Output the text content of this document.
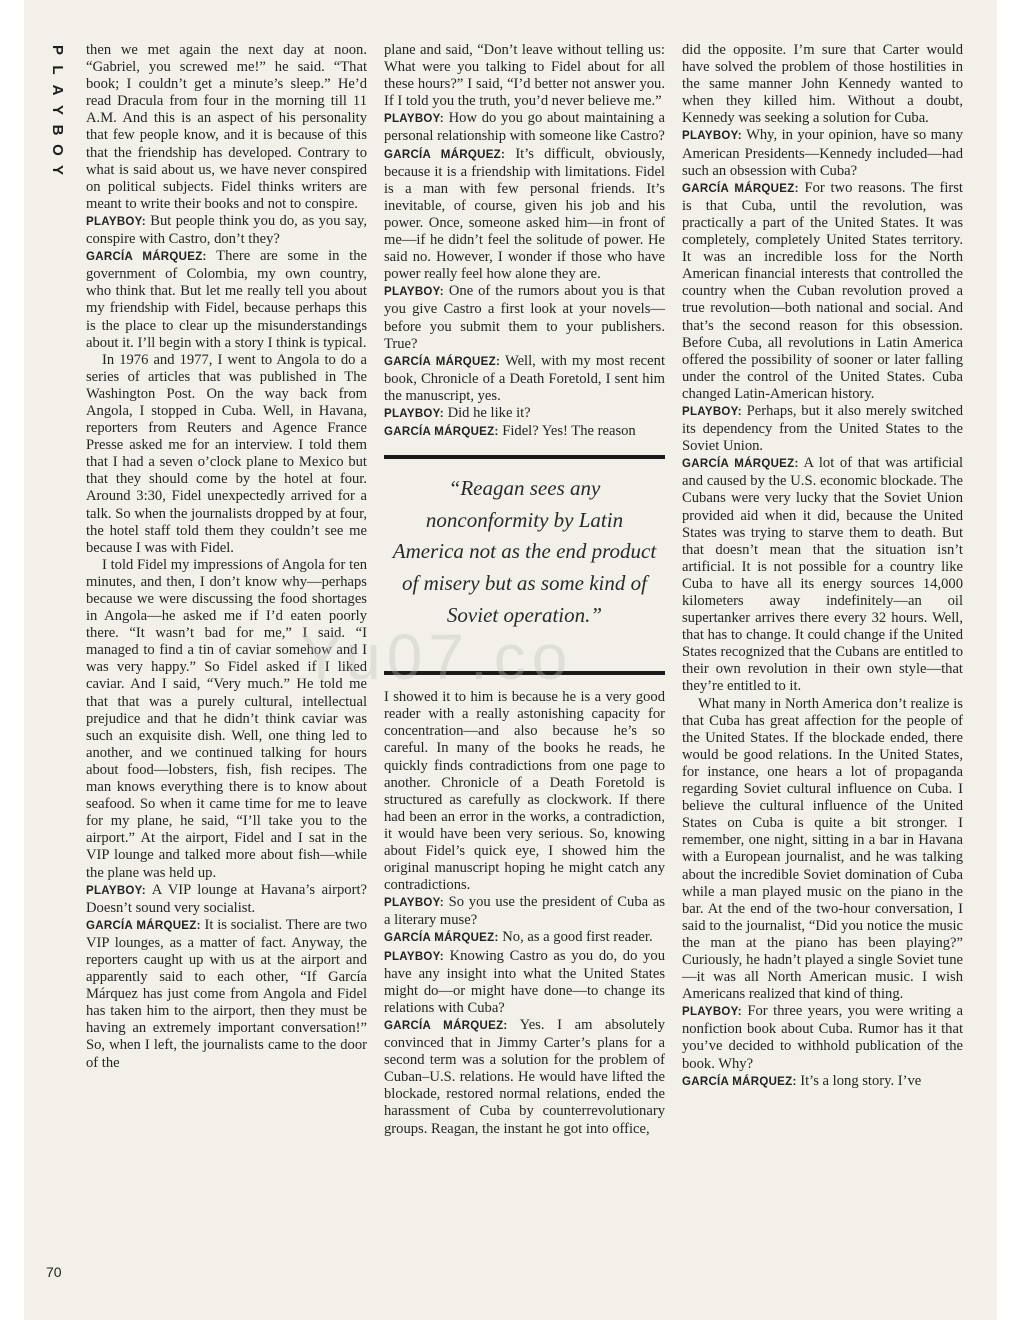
P
L
A
Y
B
O
Y
70

then we met again the next day at noon. “Gabriel, you screwed me!” he said. “That book; I couldn’t get a minute’s sleep.” He’d read Dracula from four in the morning till 11 A.M. And this is an aspect of his personality that few people know, and it is because of this that the friendship has developed. Contrary to what is said about us, we have never conspired on political subjects. Fidel thinks writers are meant to write their books and not to conspire.

PLAYBOY: But people think you do, as you say, conspire with Castro, don’t they?

GARCÍA MÁRQUEZ: There are some in the government of Colombia, my own country, who think that. But let me really tell you about my friendship with Fidel, because perhaps this is the place to clear up the misunderstandings about it. I’ll begin with a story I think is typical.

In 1976 and 1977, I went to Angola to do a series of articles that was published in The Washington Post. On the way back from Angola, I stopped in Cuba. Well, in Havana, reporters from Reuters and Agence France Presse asked me for an interview. I told them that I had a seven o’clock plane to Mexico but that they should come by the hotel at four. Around 3:30, Fidel unexpectedly arrived for a talk. So when the journalists dropped by at four, the hotel staff told them they couldn’t see me because I was with Fidel.

I told Fidel my impressions of Angola for ten minutes, and then, I don’t know why—perhaps because we were discussing the food shortages in Angola—he asked me if I’d eaten poorly there. “It wasn’t bad for me,” I said. “I managed to find a tin of caviar somehow and I was very happy.” So Fidel asked if I liked caviar. And I said, “Very much.” He told me that that was a purely cultural, intellectual prejudice and that he didn’t think caviar was such an exquisite dish. Well, one thing led to another, and we continued talking for hours about food—lobsters, fish, fish recipes. The man knows everything there is to know about seafood. So when it came time for me to leave for my plane, he said, “I’ll take you to the airport.” At the airport, Fidel and I sat in the VIP lounge and talked more about fish—while the plane was held up.

PLAYBOY: A VIP lounge at Havana’s airport? Doesn’t sound very socialist.

GARCÍA MÁRQUEZ: It is socialist. There are two VIP lounges, as a matter of fact. Anyway, the reporters caught up with us at the airport and apparently said to each other, “If García Márquez has just come from Angola and Fidel has taken him to the airport, then they must be having an extremely important conversation!” So, when I left, the journalists came to the door of the

plane and said, “Don’t leave without telling us: What were you talking to Fidel about for all these hours?” I said, “I’d better not answer you. If I told you the truth, you’d never believe me.”

PLAYBOY: How do you go about maintaining a personal relationship with someone like Castro?

GARCÍA MÁRQUEZ: It’s difficult, obviously, because it is a friendship with limitations. Fidel is a man with few personal friends. It’s inevitable, of course, given his job and his power. Once, someone asked him—in front of me—if he didn’t feel the solitude of power. He said no. However, I wonder if those who have power really feel how alone they are.

PLAYBOY: One of the rumors about you is that you give Castro a first look at your novels—before you submit them to your publishers. True?

GARCÍA MÁRQUEZ: Well, with my most recent book, Chronicle of a Death Foretold, I sent him the manuscript, yes.

PLAYBOY: Did he like it?

GARCÍA MÁRQUEZ: Fidel? Yes! The reason

“Reagan sees any nonconformity by Latin America not as the end product of misery but as some kind of Soviet operation.”

I showed it to him is because he is a very good reader with a really astonishing capacity for concentration—and also because he’s so careful. In many of the books he reads, he quickly finds contradictions from one page to another. Chronicle of a Death Foretold is structured as carefully as clockwork. If there had been an error in the works, a contradiction, it would have been very serious. So, knowing about Fidel’s quick eye, I showed him the original manuscript hoping he might catch any contradictions.

PLAYBOY: So you use the president of Cuba as a literary muse?

GARCÍA MÁRQUEZ: No, as a good first reader.

PLAYBOY: Knowing Castro as you do, do you have any insight into what the United States might do—or might have done—to change its relations with Cuba?

GARCÍA MÁRQUEZ: Yes. I am absolutely convinced that in Jimmy Carter’s plans for a second term was a solution for the problem of Cuban–U.S. relations. He would have lifted the blockade, restored normal relations, ended the harassment of Cuba by counterrevolutionary groups. Reagan, the instant he got into office,

did the opposite. I’m sure that Carter would have solved the problem of those hostilities in the same manner John Kennedy wanted to when they killed him. Without a doubt, Kennedy was seeking a solution for Cuba.

PLAYBOY: Why, in your opinion, have so many American Presidents—Kennedy included—had such an obsession with Cuba?

GARCÍA MÁRQUEZ: For two reasons. The first is that Cuba, until the revolution, was practically a part of the United States. It was completely, completely United States territory. It was an incredible loss for the North American financial interests that controlled the country when the Cuban revolution proved a true revolution—both national and social. And that’s the second reason for this obsession. Before Cuba, all revolutions in Latin America offered the possibility of sooner or later falling under the control of the United States. Cuba changed Latin-American history.

PLAYBOY: Perhaps, but it also merely switched its dependency from the United States to the Soviet Union.

GARCÍA MÁRQUEZ: A lot of that was artificial and caused by the U.S. economic blockade. The Cubans were very lucky that the Soviet Union provided aid when it did, because the United States was trying to starve them to death. But that doesn’t mean that the situation isn’t artificial. It is not possible for a country like Cuba to have all its energy sources 14,000 kilometers away indefinitely—an oil supertanker arrives there every 32 hours. Well, that has to change. It could change if the United States recognized that the Cubans are entitled to their own revolution in their own style—that they’re entitled to it.

What many in North America don’t realize is that Cuba has great affection for the people of the United States. If the blockade ended, there would be good relations. In the United States, for instance, one hears a lot of propaganda regarding Soviet cultural influence on Cuba. I believe the cultural influence of the United States on Cuba is quite a bit stronger. I remember, one night, sitting in a bar in Havana with a European journalist, and he was talking about the incredible Soviet domination of Cuba while a man played music on the piano in the bar. At the end of the two-hour conversation, I said to the journalist, “Did you notice the music the man at the piano has been playing?” Curiously, he hadn’t played a single Soviet tune—it was all North American music. I wish Americans realized that kind of thing.

PLAYBOY: For three years, you were writing a nonfiction book about Cuba. Rumor has it that you’ve decided to withhold publication of the book. Why?

GARCÍA MÁRQUEZ: It’s a long story. I’ve

Yu07.co
